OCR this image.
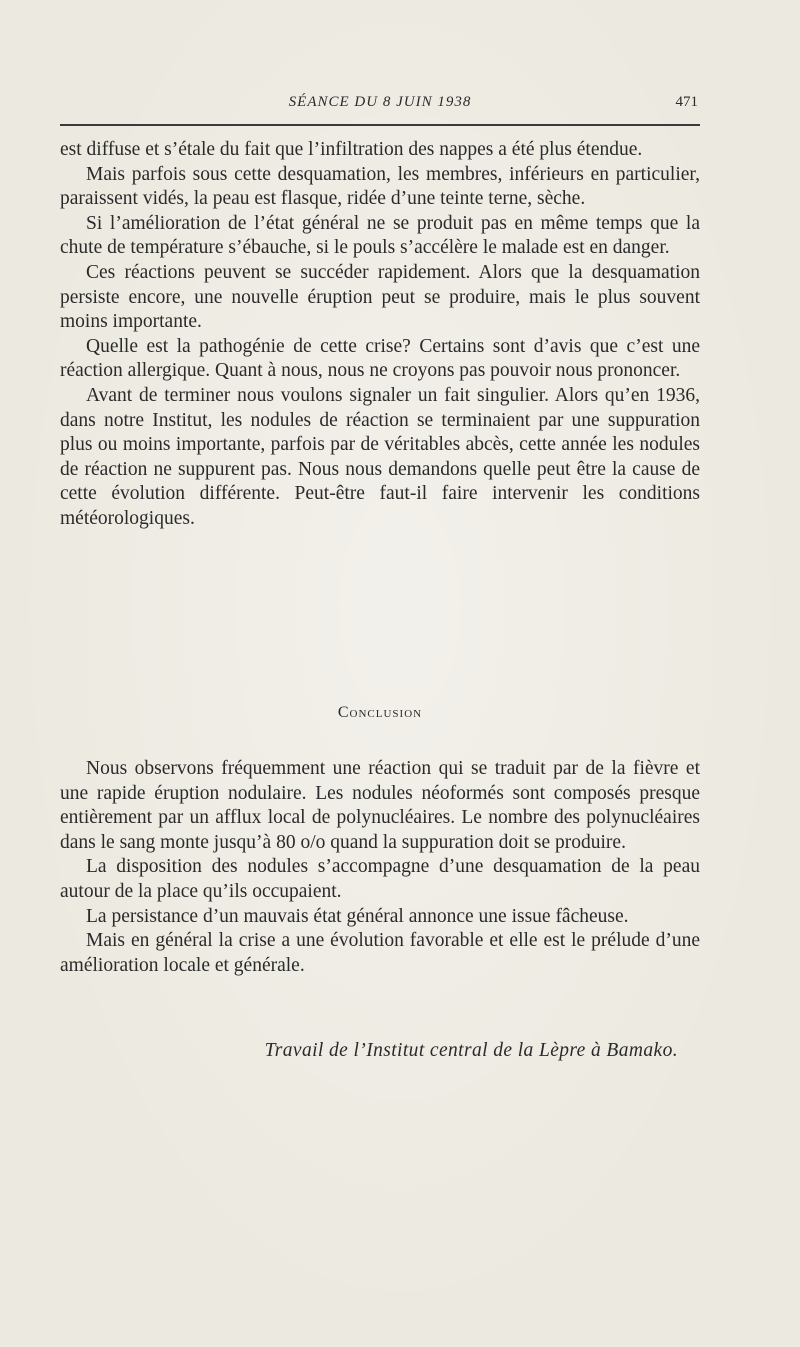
SÉANCE DU 8 JUIN 1938	471

est diffuse et s’étale du fait que l’infiltration des nappes a été plus étendue.

Mais parfois sous cette desquamation, les membres, inférieurs en particulier, paraissent vidés, la peau est flasque, ridée d’une teinte terne, sèche.

Si l’amélioration de l’état général ne se produit pas en même temps que la chute de température s’ébauche, si le pouls s’accélère le malade est en danger.

Ces réactions peuvent se succéder rapidement. Alors que la desquamation persiste encore, une nouvelle éruption peut se produire, mais le plus souvent moins importante.

Quelle est la pathogénie de cette crise? Certains sont d’avis que c’est une réaction allergique. Quant à nous, nous ne croyons pas pouvoir nous prononcer.

Avant de terminer nous voulons signaler un fait singulier. Alors qu’en 1936, dans notre Institut, les nodules de réaction se terminaient par une suppuration plus ou moins importante, parfois par de véritables abcès, cette année les nodules de réaction ne suppurent pas. Nous nous demandons quelle peut être la cause de cette évolution différente. Peut-être faut-il faire intervenir les conditions météorologiques.

Conclusion

Nous observons fréquemment une réaction qui se traduit par de la fièvre et une rapide éruption nodulaire. Les nodules néoformés sont composés presque entièrement par un afflux local de polynucléaires. Le nombre des polynucléaires dans le sang monte jusqu’à 80 o/o quand la suppuration doit se produire.

La disposition des nodules s’accompagne d’une desquamation de la peau autour de la place qu’ils occupaient.

La persistance d’un mauvais état général annonce une issue fâcheuse.

Mais en général la crise a une évolution favorable et elle est le prélude d’une amélioration locale et générale.

Travail de l’Institut central de la Lèpre à Bamako.
